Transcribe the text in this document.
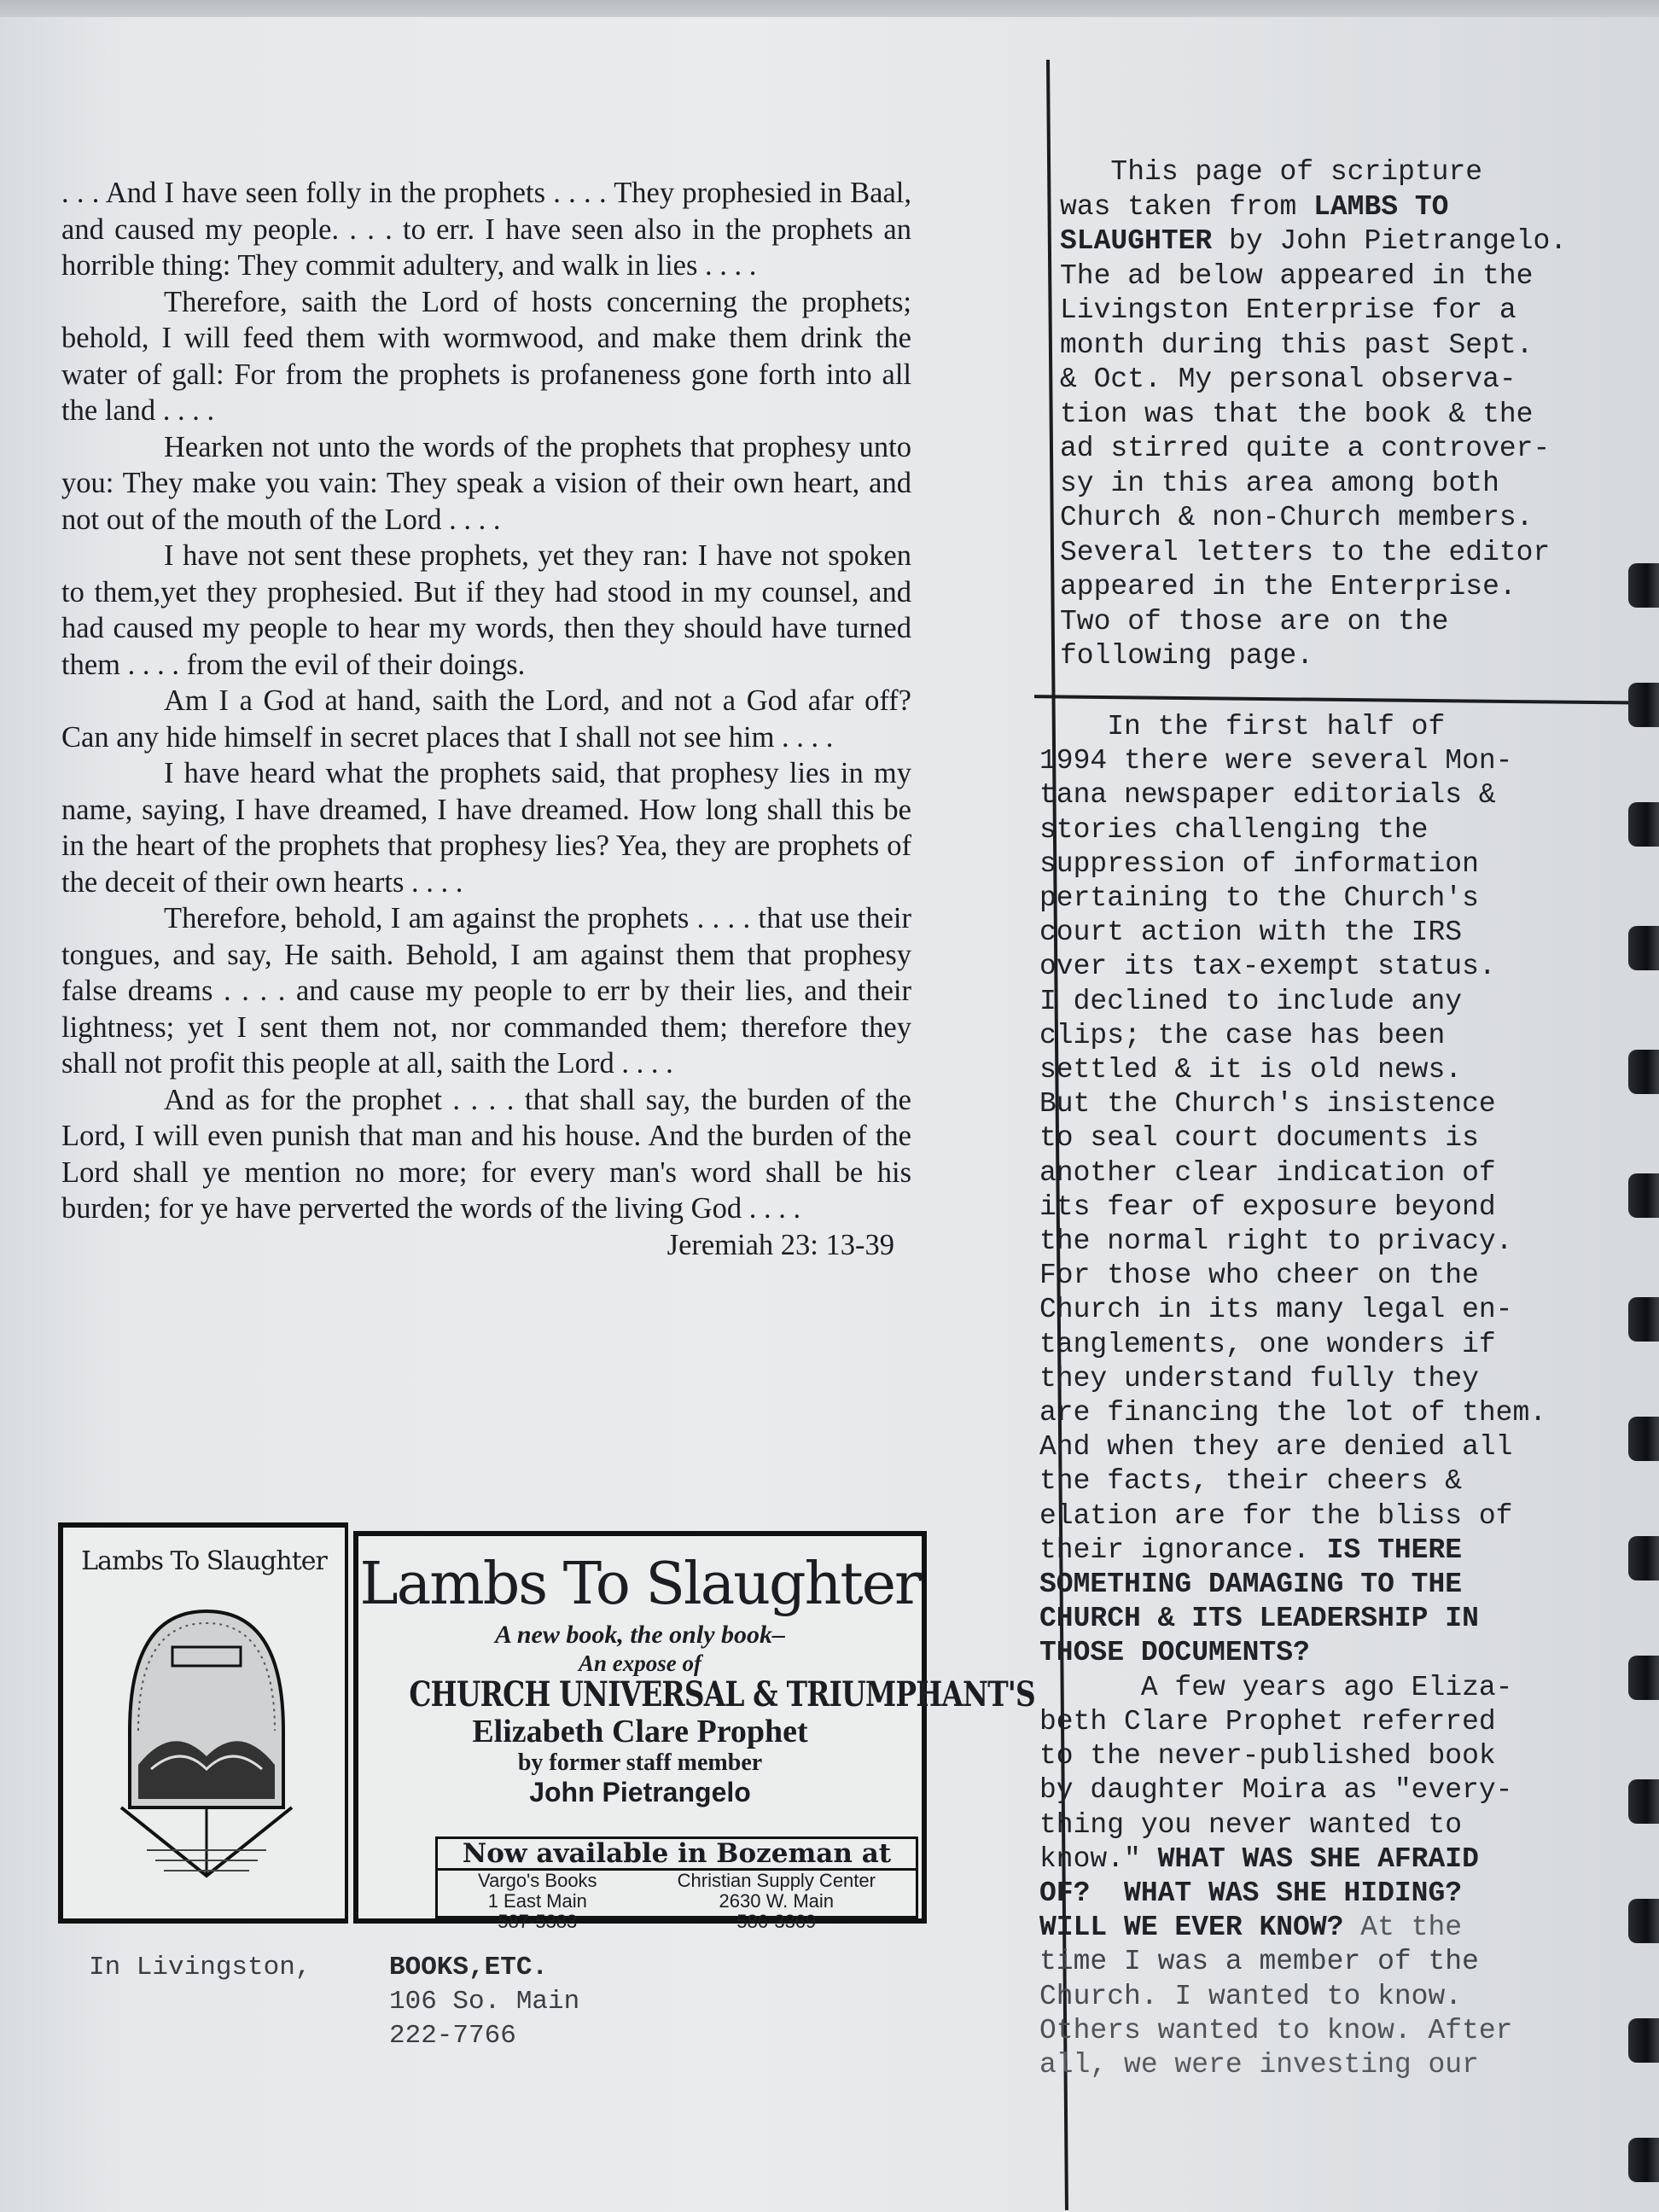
. . . And I have seen folly in the prophets . . . . They prophesied in Baal, and caused my people. . . . to err. I have seen also in the prophets an horrible thing: They commit adultery, and walk in lies . . . .

Therefore, saith the Lord of hosts concerning the prophets; behold, I will feed them with wormwood, and make them drink the water of gall: For from the prophets is profaneness gone forth into all the land . . . .

Hearken not unto the words of the prophets that prophesy unto you: They make you vain: They speak a vision of their own heart, and not out of the mouth of the Lord . . . .

I have not sent these prophets, yet they ran: I have not spoken to them,yet they prophesied. But if they had stood in my counsel, and had caused my people to hear my words, then they should have turned them . . . . from the evil of their doings.

Am I a God at hand, saith the Lord, and not a God afar off? Can any hide himself in secret places that I shall not see him . . . .

I have heard what the prophets said, that prophesy lies in my name, saying, I have dreamed, I have dreamed. How long shall this be in the heart of the prophets that prophesy lies? Yea, they are prophets of the deceit of their own hearts . . . .

Therefore, behold, I am against the prophets . . . . that use their tongues, and say, He saith. Behold, I am against them that prophesy false dreams . . . . and cause my people to err by their lies, and their lightness; yet I sent them not, nor commanded them; therefore they shall not profit this people at all, saith the Lord . . . .

And as for the prophet . . . . that shall say, the burden of the Lord, I will even punish that man and his house. And the burden of the Lord shall ye mention no more; for every man's word shall be his burden; for ye have perverted the words of the living God . . . .

Jeremiah 23: 13-39
Lambs To Slaughter Lambs To Slaughter
A new book, the only book–
An expose of
CHURCH UNIVERSAL & TRIUMPHANT'S
Elizabeth Clare Prophet
by former staff member
John Pietrangelo
Now available in Bozeman at
Vargo's Books
1 East Main
587-5383
Christian Supply Center
2630 W. Main
586-3369
In Livingston,	BOOKS,ETC.
106 So. Main
222-7766
This page of scripture
was taken from LAMBS TO
SLAUGHTER by John Pietrangelo.
The ad below appeared in the
Livingston Enterprise for a
month during this past Sept.
& Oct. My personal observa-
tion was that the book & the
ad stirred quite a controver-
sy in this area among both
Church & non-Church members.
Several letters to the editor
appeared in the Enterprise.
Two of those are on the
following page.
In the first half of
1994 there were several Mon-
tana newspaper editorials &
stories challenging the
suppression of information
pertaining to the Church's
court action with the IRS
over its tax-exempt status.
I declined to include any
clips; the case has been
settled & it is old news.
But the Church's insistence
to seal court documents is
another clear indication of
its fear of exposure beyond
the normal right to privacy.
For those who cheer on the
Church in its many legal en-
tanglements, one wonders if
they understand fully they
are financing the lot of them.
And when they are denied all
the facts, their cheers &
elation are for the bliss of
their ignorance. IS THERE
SOMETHING DAMAGING TO THE
CHURCH & ITS LEADERSHIP IN
THOSE DOCUMENTS?
A few years ago Eliza-
beth Clare Prophet referred
to the never-published book
by daughter Moira as "every-
thing you never wanted to
know." WHAT WAS SHE AFRAID
OF?  WHAT WAS SHE HIDING?
WILL WE EVER KNOW? At the
time I was a member of the
Church. I wanted to know.
Others wanted to know. After
all, we were investing our
